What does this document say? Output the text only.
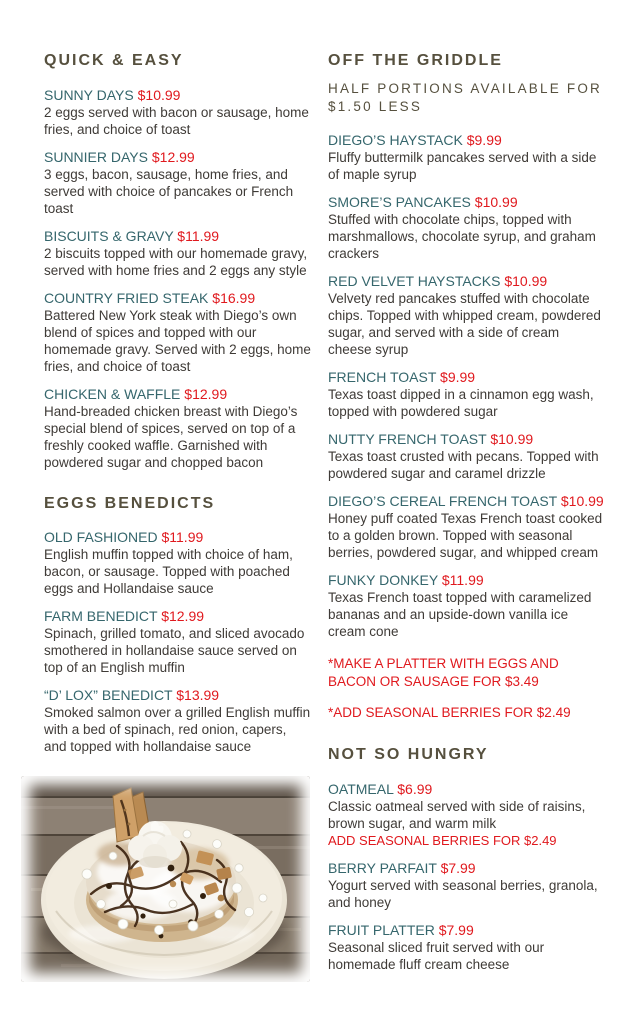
QUICK & EASY
SUNNY DAYS $10.99
2 eggs served with bacon or sausage, home fries, and choice of toast
SUNNIER DAYS $12.99
3 eggs, bacon, sausage, home fries, and served with choice of pancakes or French toast
BISCUITS & GRAVY $11.99
2 biscuits topped with our homemade gravy, served with home fries and 2 eggs any style
COUNTRY FRIED STEAK $16.99
Battered New York steak with Diego’s own blend of spices and topped with our homemade gravy. Served with 2 eggs, home fries, and choice of toast
CHICKEN & WAFFLE $12.99
Hand-breaded chicken breast with Diego’s special blend of spices, served on top of a freshly cooked waffle. Garnished with powdered sugar and chopped bacon
EGGS BENEDICTS
OLD FASHIONED $11.99
English muffin topped with choice of ham, bacon, or sausage. Topped with poached eggs and Hollandaise sauce
FARM BENEDICT $12.99
Spinach, grilled tomato, and sliced avocado smothered in hollandaise sauce served on top of an English muffin
“D’ LOX” BENEDICT $13.99
Smoked salmon over a grilled English muffin with a bed of spinach, red onion, capers, and topped with hollandaise sauce
OFF THE GRIDDLE
HALF PORTIONS AVAILABLE FOR $1.50 LESS
DIEGO’S HAYSTACK $9.99
Fluffy buttermilk pancakes served with a side of maple syrup
SMORE’S PANCAKES $10.99
Stuffed with chocolate chips, topped with marshmallows, chocolate syrup, and graham crackers
RED VELVET HAYSTACKS $10.99
Velvety red pancakes stuffed with chocolate chips. Topped with whipped cream, powdered sugar, and served with a side of cream cheese syrup
FRENCH TOAST $9.99
Texas toast dipped in a cinnamon egg wash, topped with powdered sugar
NUTTY FRENCH TOAST $10.99
Texas toast crusted with pecans. Topped with powdered sugar and caramel drizzle
DIEGO’S CEREAL FRENCH TOAST $10.99
Honey puff coated Texas French toast cooked to a golden brown. Topped with seasonal berries, powdered sugar, and whipped cream
FUNKY DONKEY $11.99
Texas French toast topped with caramelized bananas and an upside-down vanilla ice cream cone
*MAKE A PLATTER WITH EGGS AND BACON OR SAUSAGE FOR $3.49
*ADD SEASONAL BERRIES FOR $2.49
NOT SO HUNGRY
OATMEAL $6.99
Classic oatmeal served with side of raisins, brown sugar, and warm milk
ADD SEASONAL BERRIES FOR $2.49
BERRY PARFAIT $7.99
Yogurt served with seasonal berries, granola, and honey
FRUIT PLATTER $7.99
Seasonal sliced fruit served with our homemade fluff cream cheese
